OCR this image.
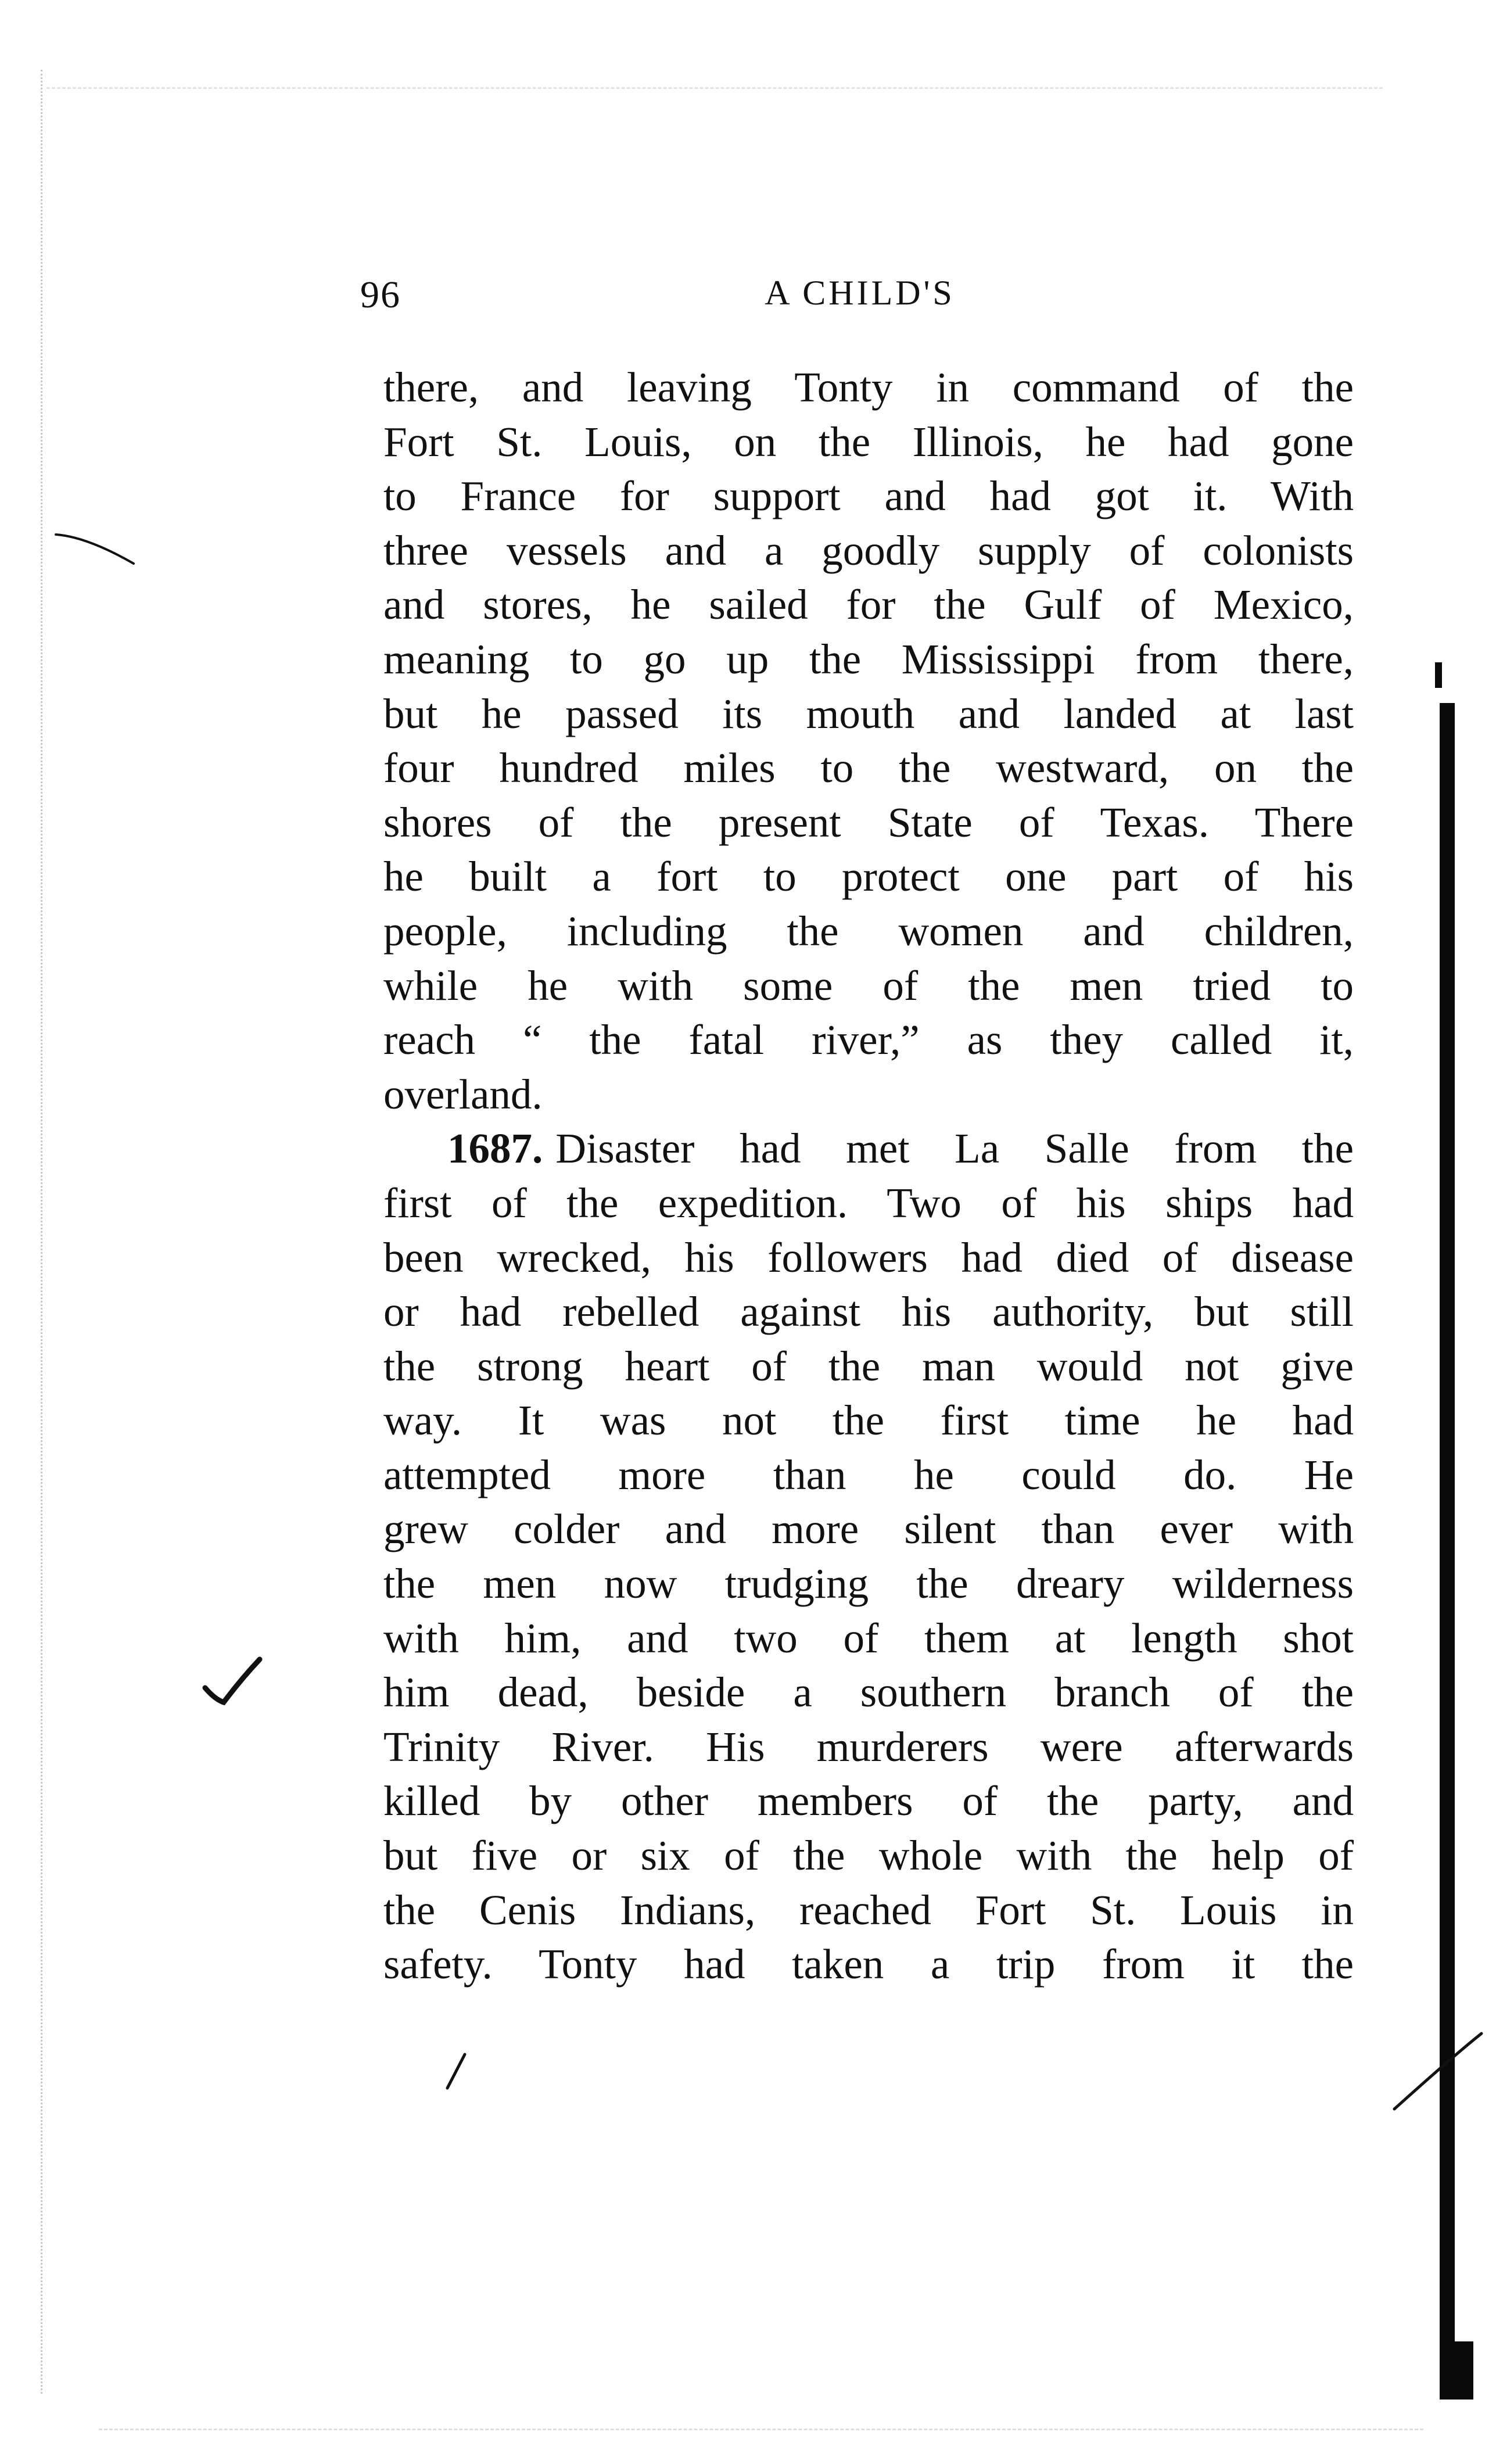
96	A CHILD'S
there, and leaving Tonty in command of the
Fort St. Louis, on the Illinois, he had gone
to France for support and had got it. With
three vessels and a goodly supply of colonists
and stores, he sailed for the Gulf of Mexico,
meaning to go up the Mississippi from there,
but he passed its mouth and landed at last
four hundred miles to the westward, on the
shores of the present State of Texas. There
he built a fort to protect one part of his
people, including the women and children,
while he with some of the men tried to
reach “ the fatal river,” as they called it,
overland.
1687. Disaster had met La Salle from the
first of the expedition. Two of his ships had
been wrecked, his followers had died of disease
or had rebelled against his authority, but still
the strong heart of the man would not give
way. It was not the first time he had
attempted more than he could do. He
grew colder and more silent than ever with
the men now trudging the dreary wilderness
with him, and two of them at length shot
him dead, beside a southern branch of the
Trinity River. His murderers were afterwards
killed by other members of the party, and
but five or six of the whole with the help of
the Cenis Indians, reached Fort St. Louis in
safety. Tonty had taken a trip from it the
